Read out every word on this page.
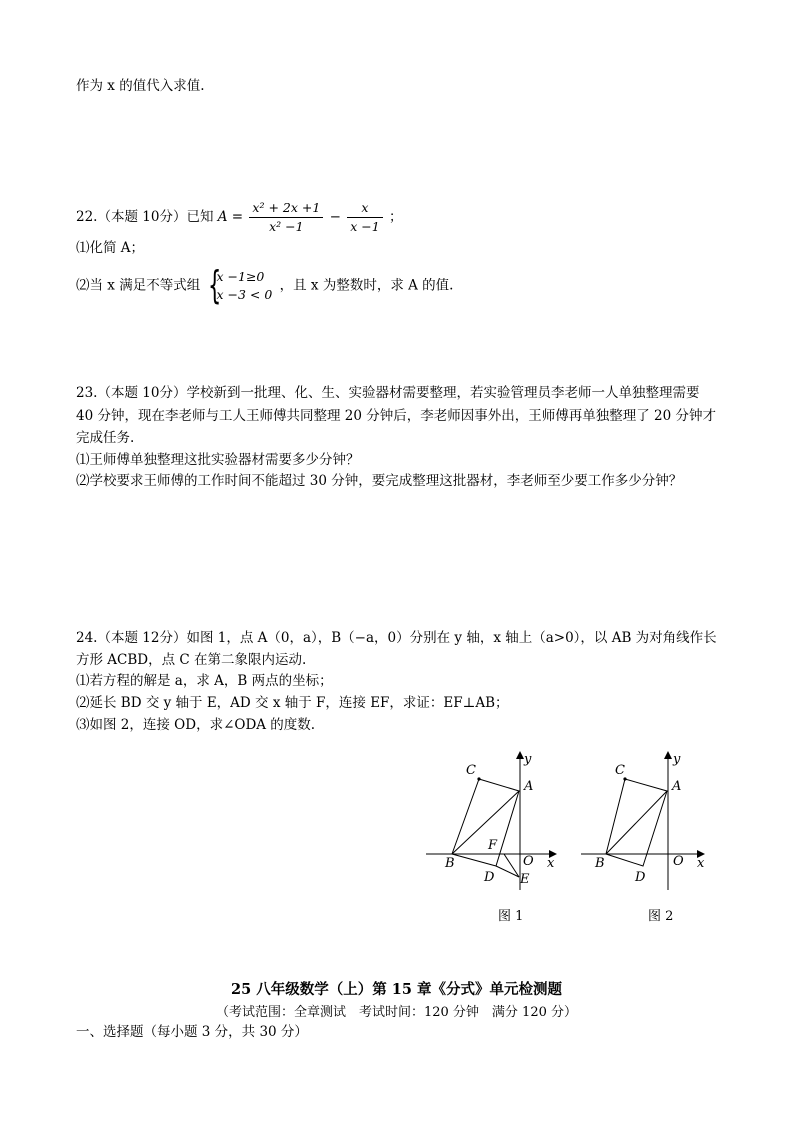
作为 x 的值代入求值.
22.（本题 10分）已知 $A = \frac{\text{x² + 2x +1}}{\text{x² −1}} - \frac{x}{x -1}$ ；
⑴化简 A；
⑵当 x 满足不等式组 {
x −1≥0
x −3 < 0
，且 x 为整数时，求 A 的值.
23.（本题 10分）学校新到一批理、化、生、实验器材需要整理，若实验管理员李老师一人单独整理需要
40 分钟，现在李老师与工人王师傅共同整理 20 分钟后，李老师因事外出，王师傅再单独整理了 20 分钟才
完成任务.
⑴王师傅单独整理这批实验器材需要多少分钟？
⑵学校要求王师傅的工作时间不能超过 30 分钟，要完成整理这批器材，李老师至少要工作多少分钟？
24.（本题 12分）如图 1，点 A（0，a），B（−a，0）分别在 y 轴，x 轴上（a>0），以 AB 为对角线作长
方形 ACBD，点 C 在第二象限内运动.
⑴若方程的解是 a，求 A，B 两点的坐标；
⑵延长 BD 交 y 轴于 E，AD 交 x 轴于 F，连接 EF，求证：EF⊥AB；
⑶如图 2，连接 OD，求∠ODA 的度数.
y
C
A
F
B	O x
D E
图 1
y
C
A
B	O x
D
图 2
25 八年级数学（上）第 15 章《分式》单元检测题
（考试范围：全章测试　考试时间：120 分钟　满分 120 分）
一、选择题（每小题 3 分，共 30 分）
